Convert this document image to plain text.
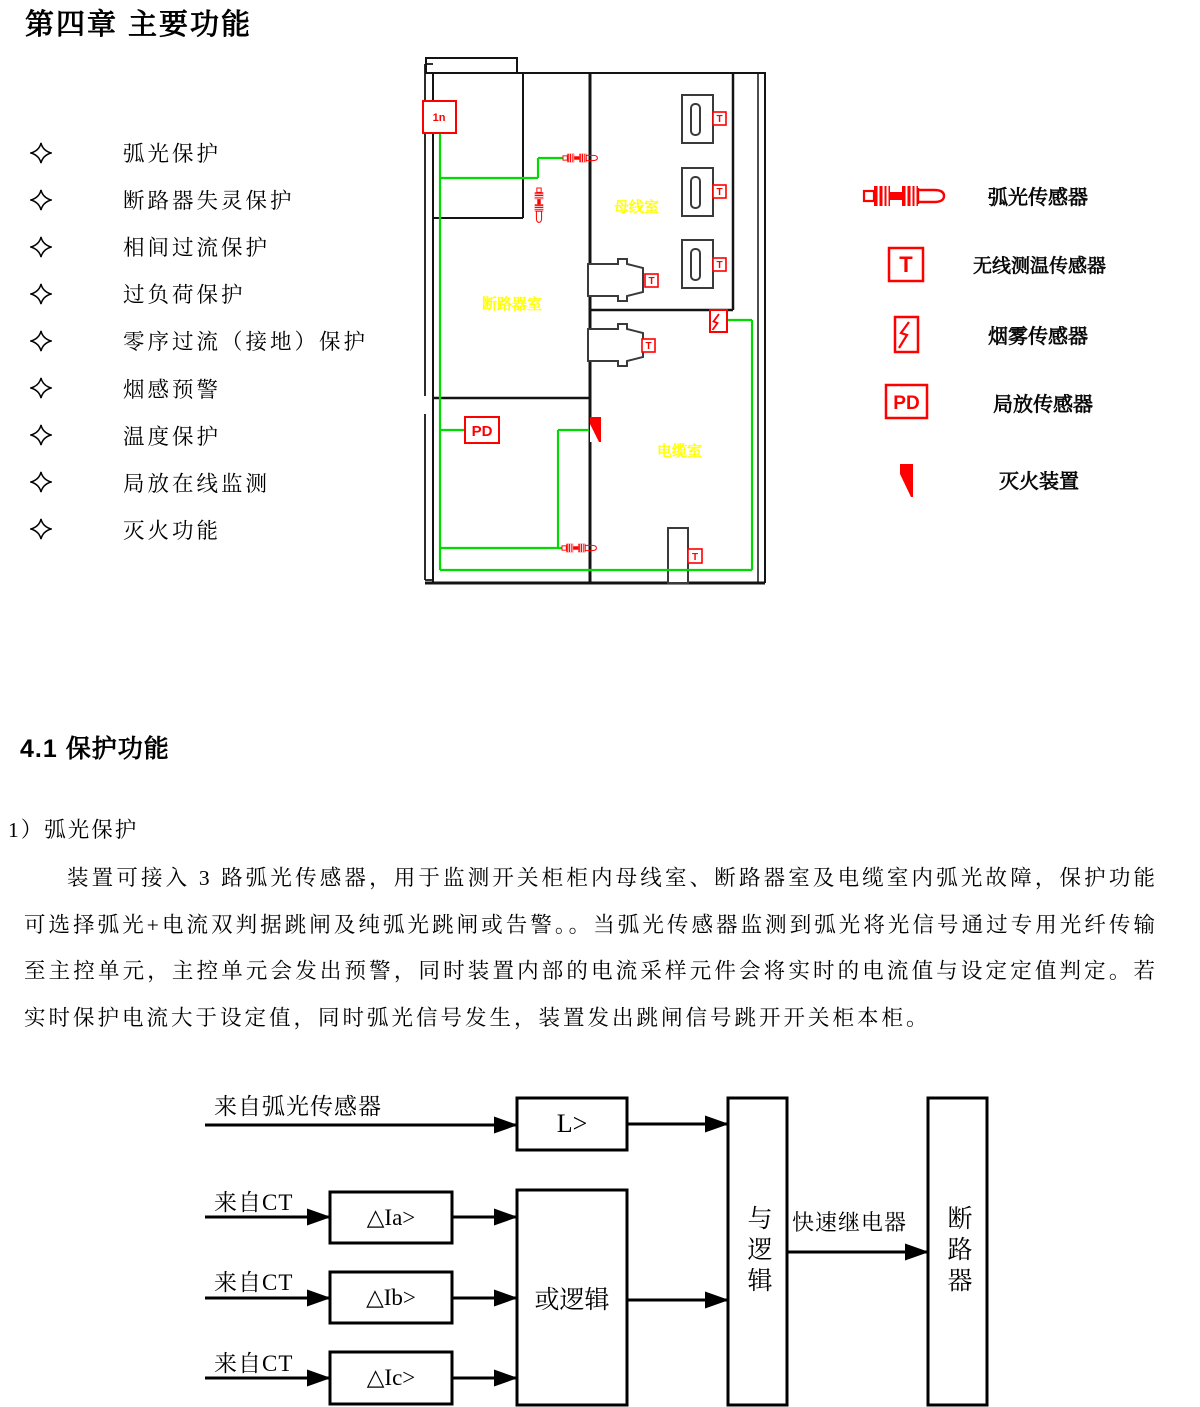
第四章 主要功能
弧光保护
断路器失灵保护
相间过流保护
过负荷保护
零序过流（接地）保护
烟感预警
温度保护
局放在线监测
灭火功能
1n
PD
T
T
T
T
T
T
母线室
断路器室
电缆室
弧光传感器
T	无线测温传感器
烟雾传感器
PD	局放传感器
灭火装置
4.1 保护功能
1）弧光保护
装置可接入 3 路弧光传感器，用于监测开关柜柜内母线室、断路器室及电缆室内弧光故障，保护功能可选择弧光+电流双判据跳闸及纯弧光跳闸或告警。。当弧光传感器监测到弧光将光信号通过专用光纤传输至主控单元，主控单元会发出预警，同时装置内部的电流采样元件会将实时的电流值与设定定值判定。若实时保护电流大于设定值，同时弧光信号发生，装置发出跳闸信号跳开开关柜本柜。
来自弧光传感器
L>
来自CT
来自CT
来自CT
△Ia>
△Ib>
△Ic>
或逻辑
与逻辑 快速继电器	断路器
